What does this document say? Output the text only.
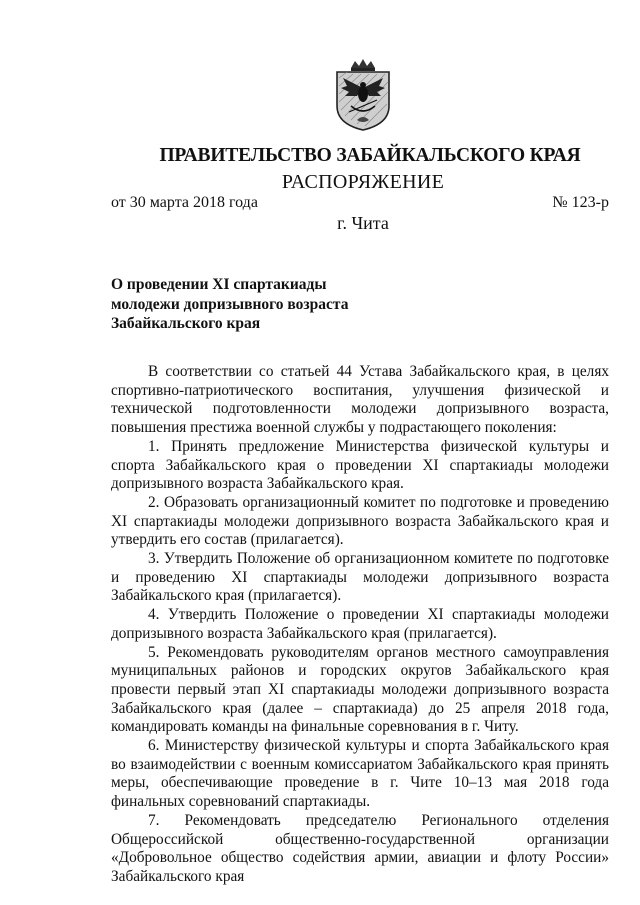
ПРАВИТЕЛЬСТВО ЗАБАЙКАЛЬСКОГО КРАЯ
РАСПОРЯЖЕНИЕ
от 30 марта 2018 года	№ 123-р
г. Чита
О проведении XI спартакиады
молодежи допризывного возраста
Забайкальского края

В соответствии со статьей 44 Устава Забайкальского края, в целях спортивно-патриотического воспитания, улучшения физической и технической подготовленности молодежи допризывного возраста, повышения престижа военной службы у подрастающего поколения:

1. Принять предложение Министерства физической культуры и спорта Забайкальского края о проведении XI спартакиады молодежи допризывного возраста Забайкальского края.

2. Образовать организационный комитет по подготовке и проведению XI спартакиады молодежи допризывного возраста Забайкальского края и утвердить его состав (прилагается).

3. Утвердить Положение об организационном комитете по подготовке и проведению XI спартакиады молодежи допризывного возраста Забайкальского края (прилагается).

4. Утвердить Положение о проведении XI спартакиады молодежи допризывного возраста Забайкальского края (прилагается).

5. Рекомендовать руководителям органов местного самоуправления муниципальных районов и городских округов Забайкальского края провести первый этап XI спартакиады молодежи допризывного возраста Забайкальского края (далее – спартакиада) до 25 апреля 2018 года, командировать команды на финальные соревнования в г. Читу.

6. Министерству физической культуры и спорта Забайкальского края во взаимодействии с военным комиссариатом Забайкальского края принять меры, обеспечивающие проведение в г. Чите 10–13 мая 2018 года финальных соревнований спартакиады.

7. Рекомендовать председателю Регионального отделения Общероссийской общественно-государственной организации «Добровольное общество содействия армии, авиации и флоту России» Забайкальского края
